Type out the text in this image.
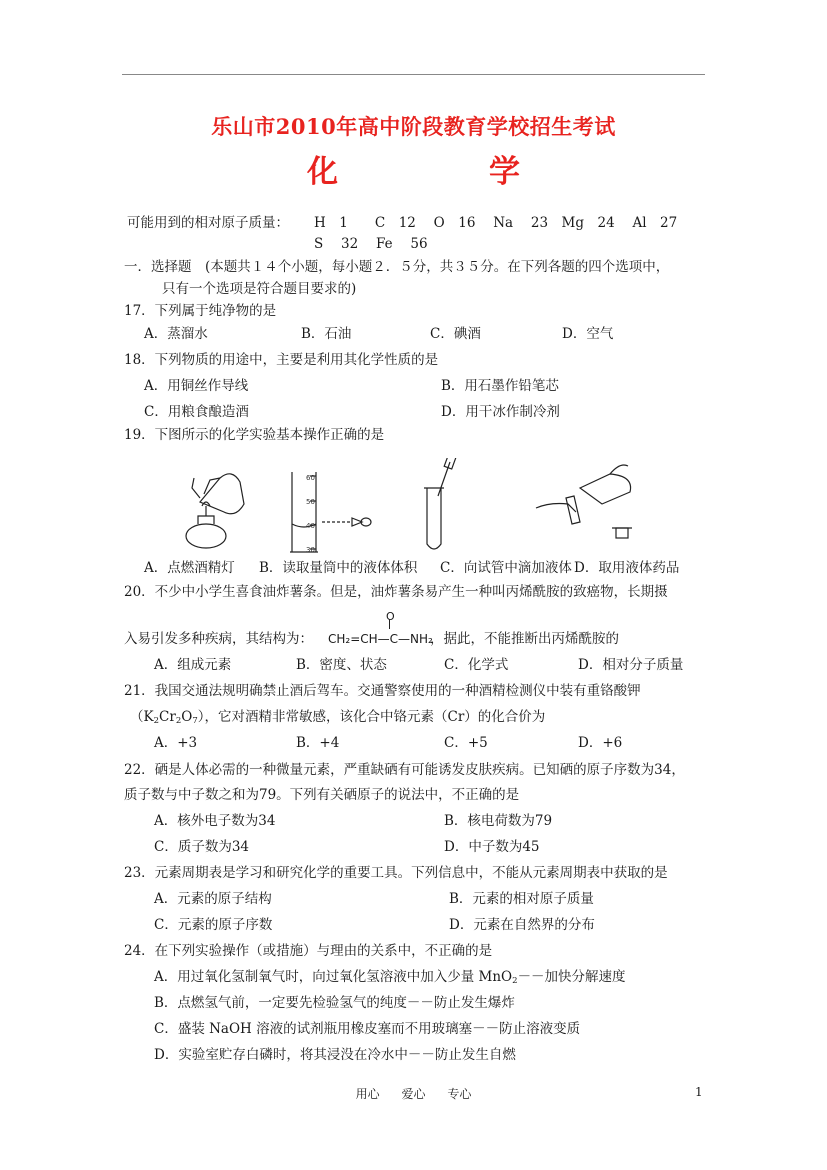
乐山市2010年高中阶段教育学校招生考试
化　学
可能用到的相对原子质量： H　1　　C　12　 O　16　 Na　 23　Mg　24　 Al　27
S　 32　 Fe　 56
一．选择题　(本题共１４个小题，每小题２．５分，共３５分。在下列各题的四个选项中，
只有一个选项是符合题目要求的)
17．下列属于纯净物的是
A．蒸溜水	B．石油	C．碘酒	D．空气
18．下列物质的用途中，主要是利用其化学性质的是
A．用铜丝作导线	B．用石墨作铅笔芯
C．用粮食酿造酒	D．用干冰作制冷剂
19．下图所示的化学实验基本操作正确的是
60
50
40
30
A．点燃酒精灯 B．读取量筒中的液体体积 C．向试管中滴加液体 D．取用液体药品
20．不少中小学生喜食油炸薯条。但是，油炸薯条易产生一种叫丙烯酰胺的致癌物，长期摄
O
入易引发多种疾病，其结构为： CH₂=CH—C—NH₂
，据此，不能推断出丙烯酰胺的
A．组成元素	B．密度、状态	C．化学式	D．相对分子质量
21．我国交通法规明确禁止酒后驾车。交通警察使用的一种酒精检测仪中装有重铬酸钾
$(K_2Cr_2O_7)$，它对酒精非常敏感，该化合中铬元素（Cr）的化合价为
A．+3	B．+4	C．+5	D．+6
22．硒是人体必需的一种微量元素，严重缺硒有可能诱发皮肤疾病。已知硒的原子序数为34，
质子数与中子数之和为79。下列有关硒原子的说法中，不正确的是
A．核外电子数为34	B．核电荷数为79
C．质子数为34	D．中子数为45
23．元素周期表是学习和研究化学的重要工具。下列信息中，不能从元素周期表中获取的是
A．元素的原子结构	B．元素的相对原子质量
C．元素的原子序数	D．元素在自然界的分布
24．在下列实验操作（或措施）与理由的关系中，不正确的是
A．用过氧化氢制氧气时，向过氧化氢溶液中加入少量 MnO$_2$－－加快分解速度
B．点燃氢气前，一定要先检验氢气的纯度－－防止发生爆炸
C．盛装 NaOH 溶液的试剂瓶用橡皮塞而不用玻璃塞－－防止溶液变质
D．实验室贮存白磷时，将其浸没在冷水中－－防止发生自燃
用心 爱心 专心	1
